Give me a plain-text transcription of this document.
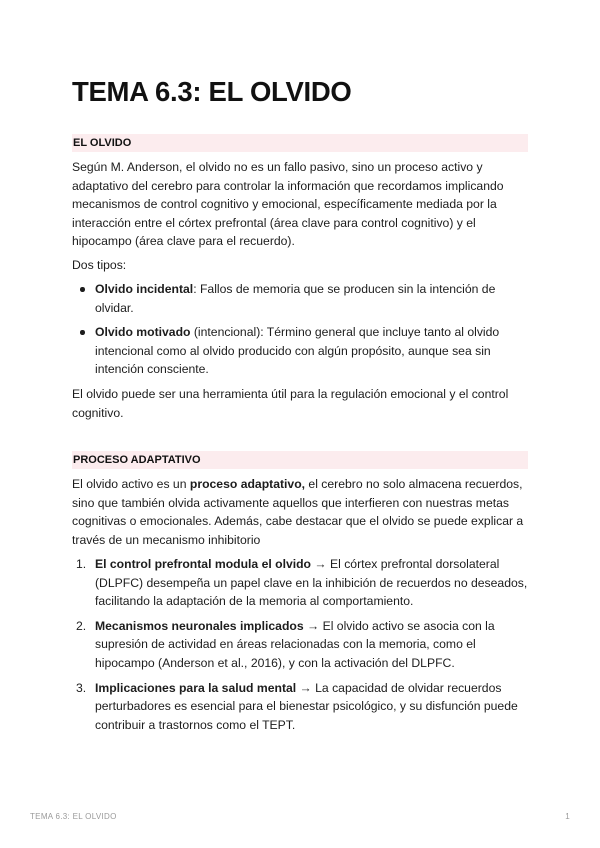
TEMA 6.3: EL OLVIDO
EL OLVIDO

Según M. Anderson, el olvido no es un fallo pasivo, sino un proceso activo y adaptativo del cerebro para controlar la información que recordamos implicando mecanismos de control cognitivo y emocional, específicamente mediada por la interacción entre el córtex prefrontal (área clave para control cognitivo) y el hipocampo (área clave para el recuerdo).

Dos tipos:

Olvido incidental: Fallos de memoria que se producen sin la intención de olvidar.
Olvido motivado (intencional): Término general que incluye tanto al olvido intencional como al olvido producido con algún propósito, aunque sea sin intención consciente.

El olvido puede ser una herramienta útil para la regulación emocional y el control cognitivo.

PROCESO ADAPTATIVO

El olvido activo es un proceso adaptativo, el cerebro no solo almacena recuerdos, sino que también olvida activamente aquellos que interfieren con nuestras metas cognitivas o emocionales. Además, cabe destacar que el olvido se puede explicar a través de un mecanismo inhibitorio

1. El control prefrontal modula el olvido → El córtex prefrontal dorsolateral (DLPFC) desempeña un papel clave en la inhibición de recuerdos no deseados, facilitando la adaptación de la memoria al comportamiento.
2. Mecanismos neuronales implicados → El olvido activo se asocia con la supresión de actividad en áreas relacionadas con la memoria, como el hipocampo (Anderson et al., 2016), y con la activación del DLPFC.
3. Implicaciones para la salud mental → La capacidad de olvidar recuerdos perturbadores es esencial para el bienestar psicológico, y su disfunción puede contribuir a trastornos como el TEPT.
TEMA 6.3: EL OLVIDO	1
